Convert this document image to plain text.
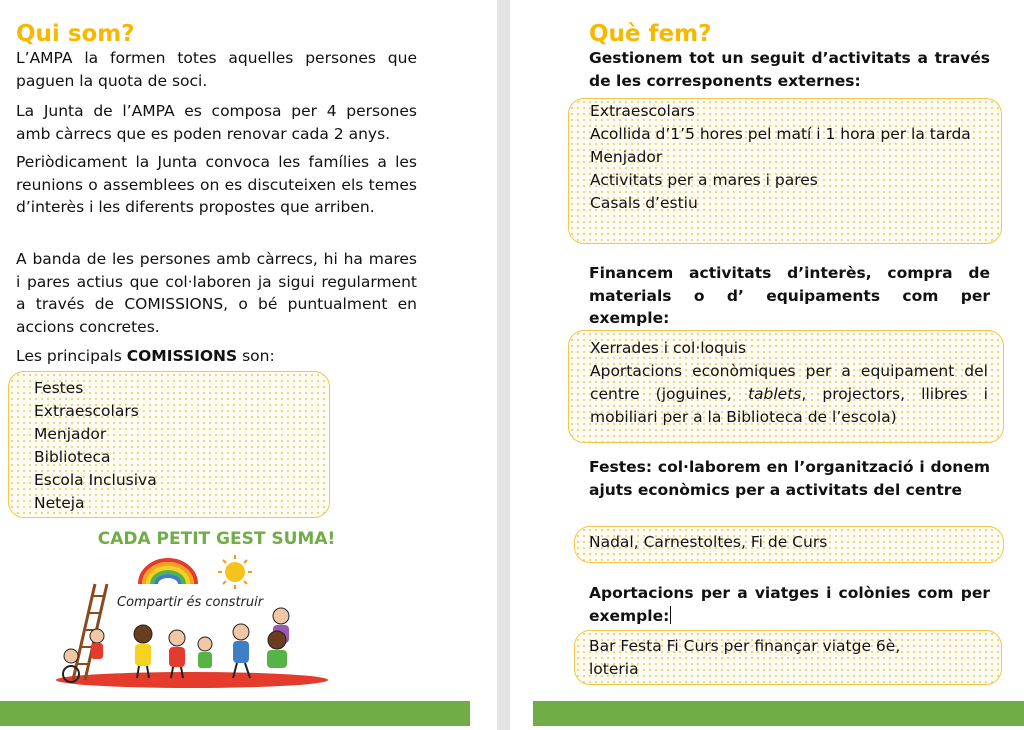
Qui som?

L’AMPA la formen totes aquelles persones que paguen la quota de soci.

La Junta de l’AMPA es composa per 4 persones amb càrrecs que es poden renovar cada 2 anys.

Periòdicament la Junta convoca les famílies a les reunions o assemblees on es discuteixen els temes d’interès i les diferents propostes que arriben.

A banda de les persones amb càrrecs, hi ha mares i pares actius que col·laboren ja sigui regularment a través de COMISSIONS, o bé puntualment en accions concretes.

Les principals COMISSIONS son:

Festes
Extraescolars
Menjador
Biblioteca
Escola Inclusiva
Neteja
CADA PETIT GEST SUMA!
Compartir és construir
Què fem?

Gestionem tot un seguit d’activitats a través de les corresponents externes:

Extraescolars
Acollida d’1’5 hores pel matí i 1 hora per la tarda
Menjador
Activitats per a mares i pares
Casals d’estiu

Financem activitats d’interès, compra de materials o d’ equipaments com per exemple:

Xerrades i col·loquis
Aportacions econòmiques per a equipament del centre (joguines, tablets, projectors, llibres i mobiliari per a la Biblioteca de l’escola)

Festes: col·laborem en l’organització i donem ajuts econòmics per a activitats del centre

Nadal, Carnestoltes, Fi de Curs

Aportacions per a viatges i colònies com per exemple:

Bar Festa Fi Curs per finançar viatge 6è, loteria
